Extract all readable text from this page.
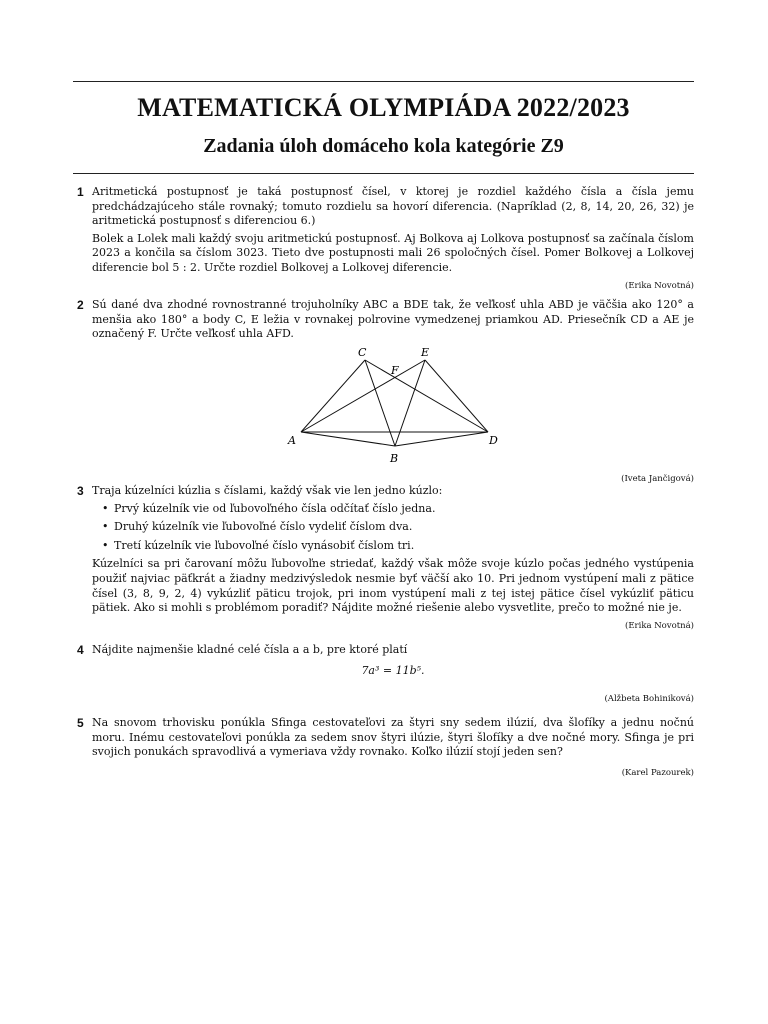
MATEMATICKÁ OLYMPIÁDA 2022/2023
Zadania úloh domáceho kola kategórie Z9
1 Aritmetická postupnosť je taká postupnosť čísel, v ktorej je rozdiel každého čísla a čísla jemu predchádzajúceho stále rovnaký; tomuto rozdielu sa hovorí diferencia. (Napríklad (2, 8, 14, 20, 26, 32) je aritmetická postupnosť s diferenciou 6.)

Bolek a Lolek mali každý svoju aritmetickú postupnosť. Aj Bolkova aj Lolkova postupnosť sa začínala číslom 2023 a končila sa číslom 3023. Tieto dve postupnosti mali 26 spoločných čísel. Pomer Bolkovej a Lolkovej diferencie bol 5 : 2. Určte rozdiel Bolkovej a Lolkovej diferencie.

(Erika Novotná)
2 Sú dané dva zhodné rovnostranné trojuholníky ABC a BDE tak, že veľkosť uhla ABD je väčšia ako 120° a menšia ako 180° a body C, E ležia v rovnakej polrovine vymedzenej priamkou AD. Priesečník CD a AE je označený F. Určte veľkosť uhla AFD.

C	E
F
A	D
B
(Iveta Jančigová)
3 Traja kúzelníci kúzlia s číslami, každý však vie len jedno kúzlo:

• Prvý kúzelník vie od ľubovoľného čísla odčítať číslo jedna.
• Druhý kúzelník vie ľubovoľné číslo vydeliť číslom dva.
• Tretí kúzelník vie ľubovoľné číslo vynásobiť číslom tri.

Kúzelníci sa pri čarovaní môžu ľubovoľne striedať, každý však môže svoje kúzlo počas jedného vystúpenia použiť najviac päťkrát a žiadny medzivýsledok nesmie byť väčší ako 10. Pri jednom vystúpení mali z pätice čísel (3, 8, 9, 2, 4) vykúzliť päticu trojok, pri inom vystúpení mali z tej istej pätice čísel vykúzliť päticu pätiek. Ako si mohli s problémom poradiť? Nájdite možné riešenie alebo vysvetlite, prečo to možné nie je.

(Erika Novotná)
4 Nájdite najmenšie kladné celé čísla a a b, pre ktoré platí

7a³ = 11b⁵.
(Alžbeta Bohiniková)
5 Na snovom trhovisku ponúkla Sfinga cestovateľovi za štyri sny sedem ilúzií, dva šlofíky a jednu nočnú moru. Inému cestovateľovi ponúkla za sedem snov štyri ilúzie, štyri šlofíky a dve nočné mory. Sfinga je pri svojich ponukách spravodlivá a vymeriava vždy rovnako. Koľko ilúzií stojí jeden sen?

(Karel Pazourek)
